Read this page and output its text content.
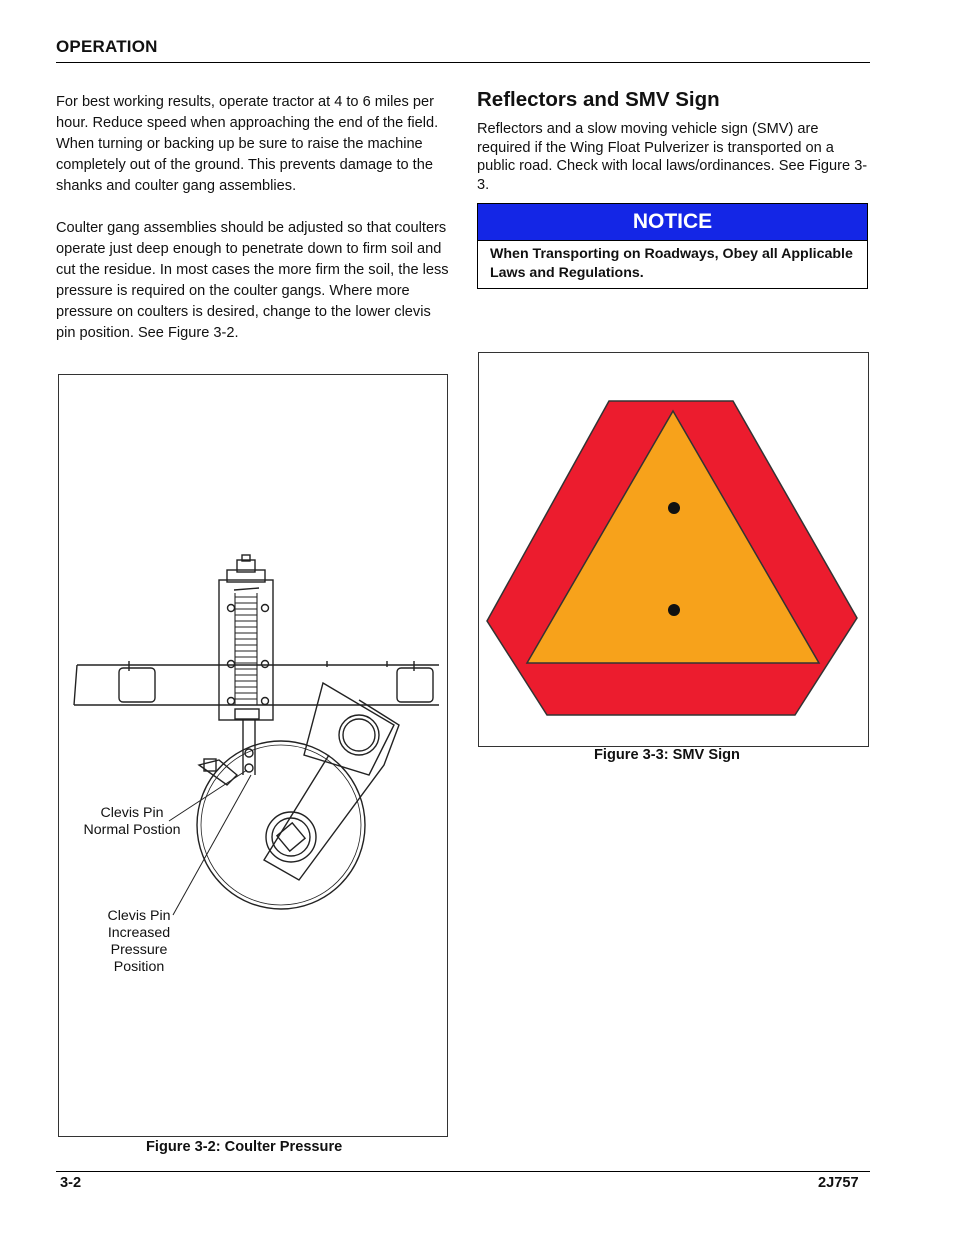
OPERATION

For best working results, operate tractor at 4 to 6 miles per hour. Reduce speed when approaching the end of the field. When turning or backing up be sure to raise the machine completely out of the ground. This prevents damage to the shanks and coulter gang assemblies.

Coulter gang assemblies should be adjusted so that coulters operate just deep enough to penetrate down to firm soil and cut the residue. In most cases the more firm the soil, the less pressure is required on the coulter gangs. Where more pressure on coulters is desired, change to the lower clevis pin position. See Figure 3-2.

Reflectors and SMV Sign
Reflectors and a slow moving vehicle sign (SMV) are required if the Wing Float Pulverizer is transported on a public road. Check with local laws/ordinances. See Figure 3-3.
NOTICE
When Transporting on Roadways, Obey all Applicable Laws and Regulations.
Clevis Pin
Normal Postion
Clevis Pin
Increased
Pressure
Position
Figure 3-2: Coulter Pressure
Figure 3-3: SMV Sign
3-2	2J757
